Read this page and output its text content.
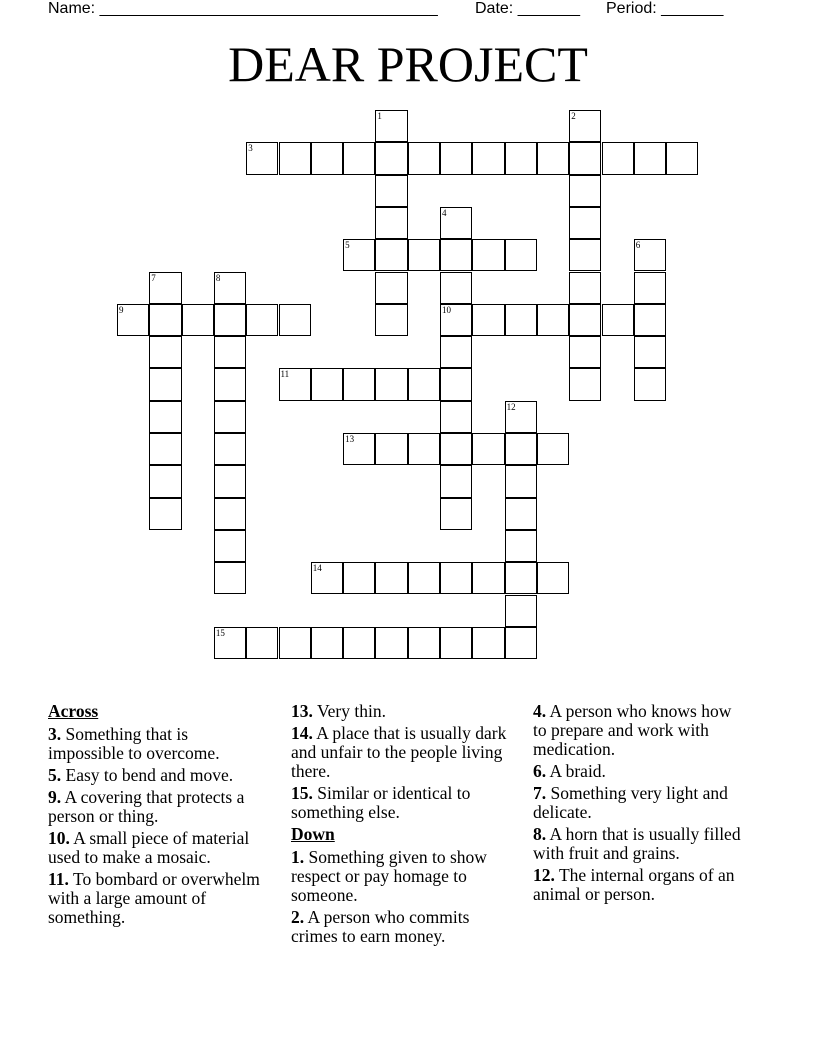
Name: ______________________________________ Date: _______ Period: _______
DEAR PROJECT
1	2
3
4
10
5	6
7	8
9
11
12
13
14
15
Across
3. Something that is impossible to overcome.
5. Easy to bend and move.
9. A covering that protects a person or thing.
10. A small piece of material used to make a mosaic.
11. To bombard or overwhelm with a large amount of something.
13. Very thin.
14. A place that is usually dark and unfair to the people living there.
15. Similar or identical to something else.
Down
1. Something given to show respect or pay homage to someone.
2. A person who commits crimes to earn money.
4. A person who knows how to prepare and work with medication.
6. A braid.
7. Something very light and delicate.
8. A horn that is usually filled with fruit and grains.
12. The internal organs of an animal or person.
